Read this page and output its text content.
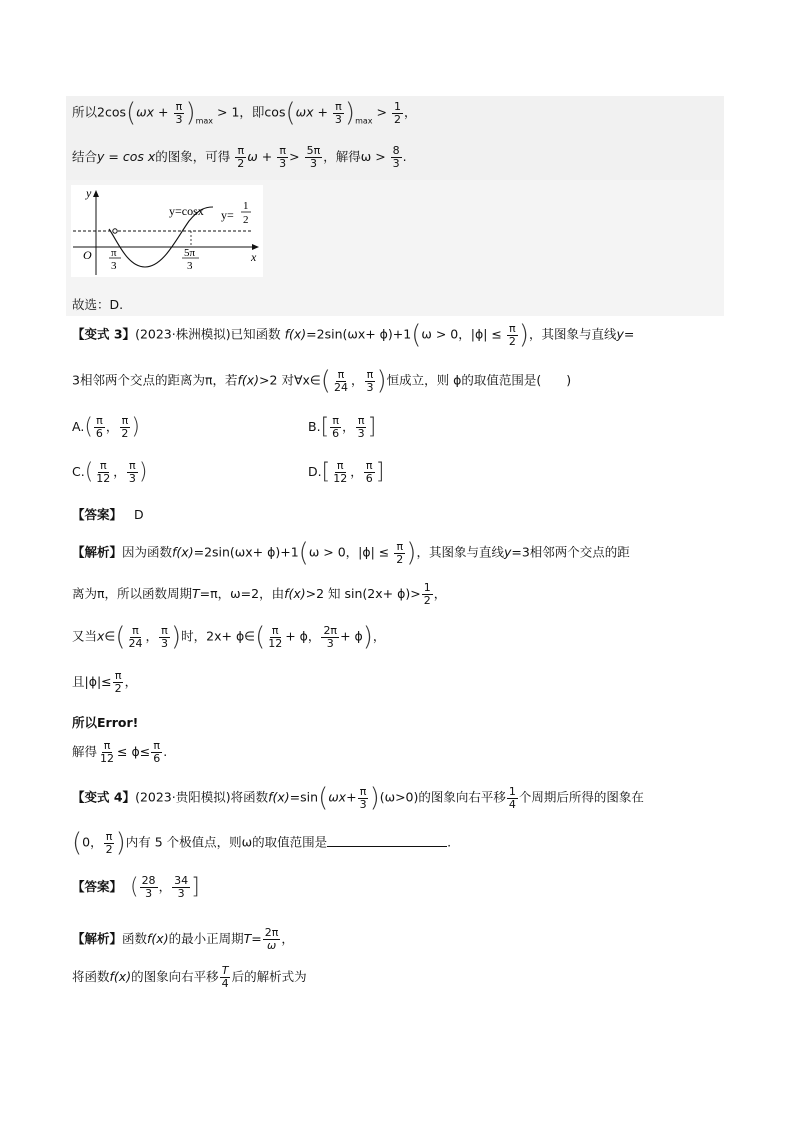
所以$2\cos(\omega x + \frac{\pi}{3} )_{max} > 1$，即$\cos(\omega x + \frac{\pi}{3} )_{max} > \frac{1}{2}$ ，
结合y = cos x的图象，可得 $\frac{\pi}{2}$ $\omega + \frac{\pi}{3} > \frac{5\pi}{3}$ ，解得$\omega > \frac{8}{3}$ .
y
x
O
y=cosx y=
1
2
π
3
5π
3
故选：D.
【变式 3】(2023·株洲模拟)已知函数 f(x)=2sin(ωx+ ϕ)+1(ω > 0，$|\phi| \le \frac{\pi}{2}$ )，其图象与直线y=
3相邻两个交点的距离为π，若f(x)>2 对∀x∈( $\frac{\pi}{24}$ ， $\frac{\pi}{3}$ )恒成立，则 ϕ的取值范围是(　　)
$A.( \frac{\pi}{6}$ ， $\frac{\pi}{2}$ )	$B.[ \frac{\pi}{6}$ ， $\frac{\pi}{3}$ ]
$C.( \frac{\pi}{12}$ ， $\frac{\pi}{3}$ )	$D.[ \frac{\pi}{12}$ ， $\frac{\pi}{6}$ ]
【答案】 D
【解析】因为函数f(x)=2sin(ωx+ ϕ)+1(ω > 0，$|\phi| \le \frac{\pi}{2}$ )，其图象与直线y=3相邻两个交点的距
离为π，所以函数周期T=π，ω=2，由f(x)>2 知 $\sin(2x+ \phi)> \frac{1}{2}$ ，
又当x∈( $\frac{\pi}{24}$ ， $\frac{\pi}{3}$ )时，2x+ ϕ∈( $\frac{\pi}{12} + \phi$， $\frac{2\pi}{3} + \phi$)，
且$|\phi|\le \frac{\pi}{2}$ ，
所以Error!
解得 $\frac{\pi}{12} \le \phi\le \frac{\pi}{6}$ .
【变式 4】(2023·贵阳模拟)将函数$f(x)=\sin(\omega x+ \frac{\pi}{3} )(\omega>0)$的图象向右平移 $\frac{1}{4}$ 个周期后所得的图象在
(0， $\frac{\pi}{2}$ )内有 5 个极值点，则ω的取值范围是	.
【答案】 ( $\frac{28}{3}$ ， $\frac{34}{3}$ ]
【解析】函数f(x)的最小正周期$T= \frac{2\pi}{\omega}$ ，
将函数f(x)的图象向右平移 $\frac{T}{4}$ 后的解析式为
